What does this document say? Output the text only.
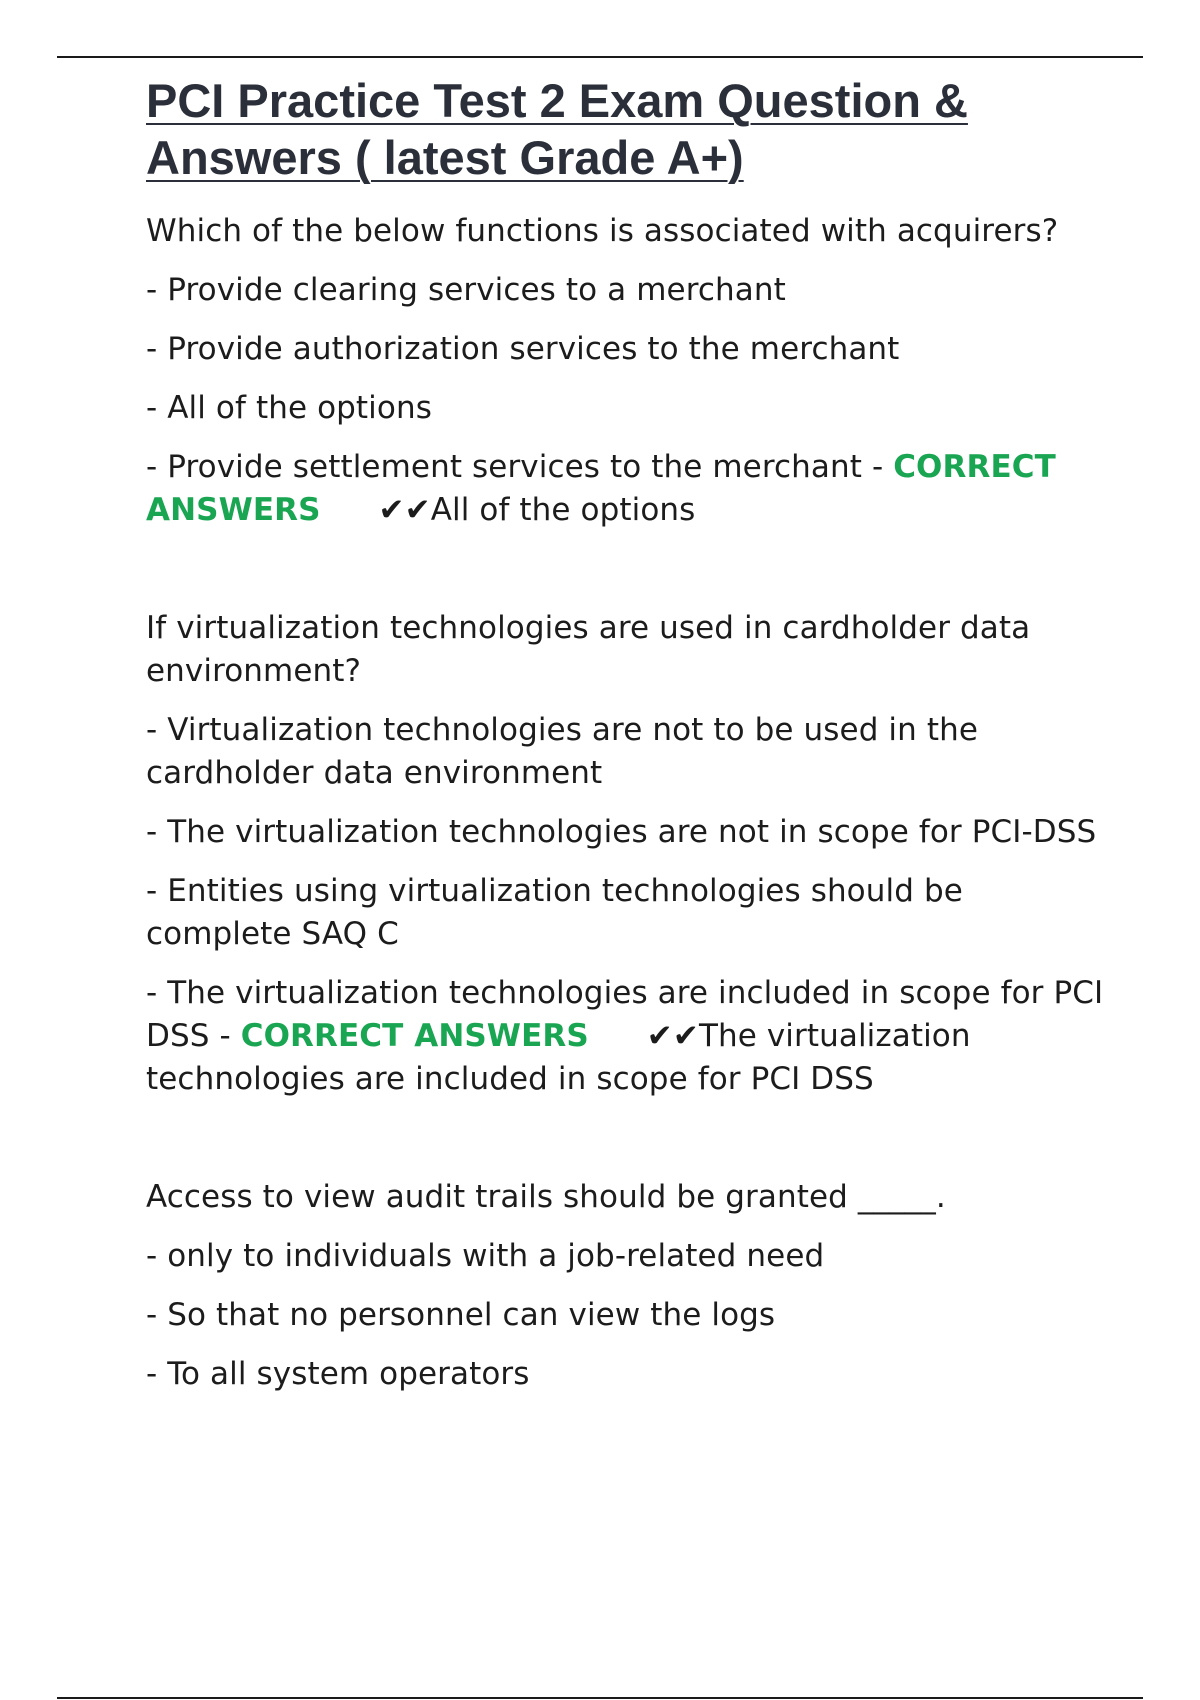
PCI Practice Test 2 Exam Question & Answers ( latest Grade A+)

Which of the below functions is associated with acquirers?

- Provide clearing services to a merchant

- Provide authorization services to the merchant

- All of the options

- Provide settlement services to the merchant - CORRECT ANSWERS ✔✔All of the options

If virtualization technologies are used in cardholder data environment?

- Virtualization technologies are not to be used in the cardholder data environment

- The virtualization technologies are not in scope for PCI-DSS

- Entities using virtualization technologies should be complete SAQ C

- The virtualization technologies are included in scope for PCI DSS - CORRECT ANSWERS ✔✔The virtualization technologies are included in scope for PCI DSS

Access to view audit trails should be granted _____.

- only to individuals with a job-related need

- So that no personnel can view the logs

- To all system operators
